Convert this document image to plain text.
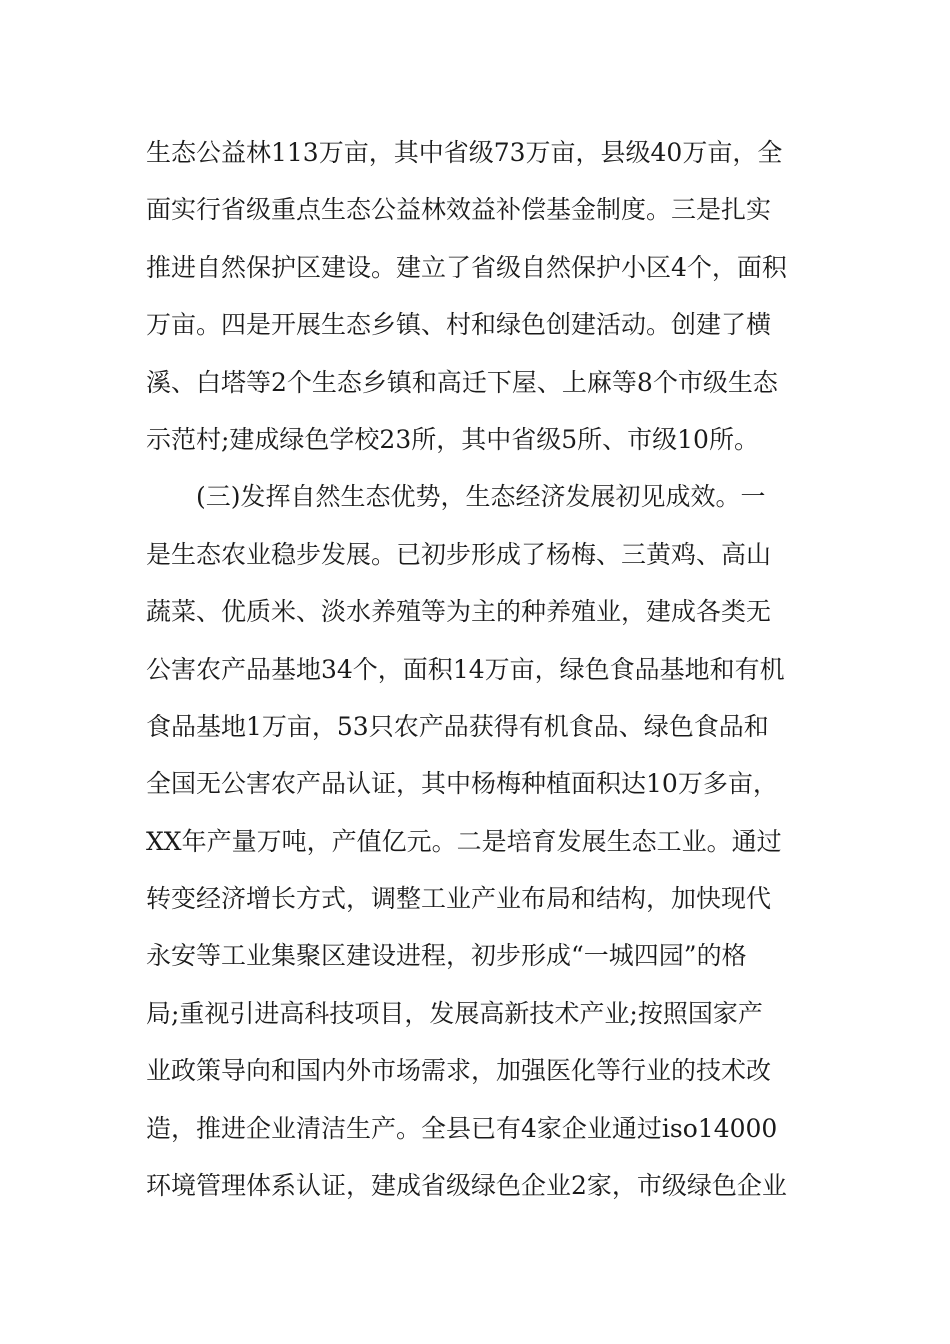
生态公益林113万亩，其中省级73万亩，县级40万亩，全
面实行省级重点生态公益林效益补偿基金制度。三是扎实
推进自然保护区建设。建立了省级自然保护小区4个，面积
万亩。四是开展生态乡镇、村和绿色创建活动。创建了横
溪、白塔等2个生态乡镇和高迁下屋、上麻等8个市级生态
示范村;建成绿色学校23所，其中省级5所、市级10所。
(三)发挥自然生态优势，生态经济发展初见成效。一
是生态农业稳步发展。已初步形成了杨梅、三黄鸡、高山
蔬菜、优质米、淡水养殖等为主的种养殖业，建成各类无
公害农产品基地34个，面积14万亩，绿色食品基地和有机
食品基地1万亩，53只农产品获得有机食品、绿色食品和
全国无公害农产品认证，其中杨梅种植面积达10万多亩，
XX年产量万吨，产值亿元。二是培育发展生态工业。通过
转变经济增长方式，调整工业产业布局和结构，加快现代
永安等工业集聚区建设进程，初步形成“一城四园”的格
局;重视引进高科技项目，发展高新技术产业;按照国家产
业政策导向和国内外市场需求，加强医化等行业的技术改
造，推进企业清洁生产。全县已有4家企业通过iso14000
环境管理体系认证，建成省级绿色企业2家，市级绿色企业
